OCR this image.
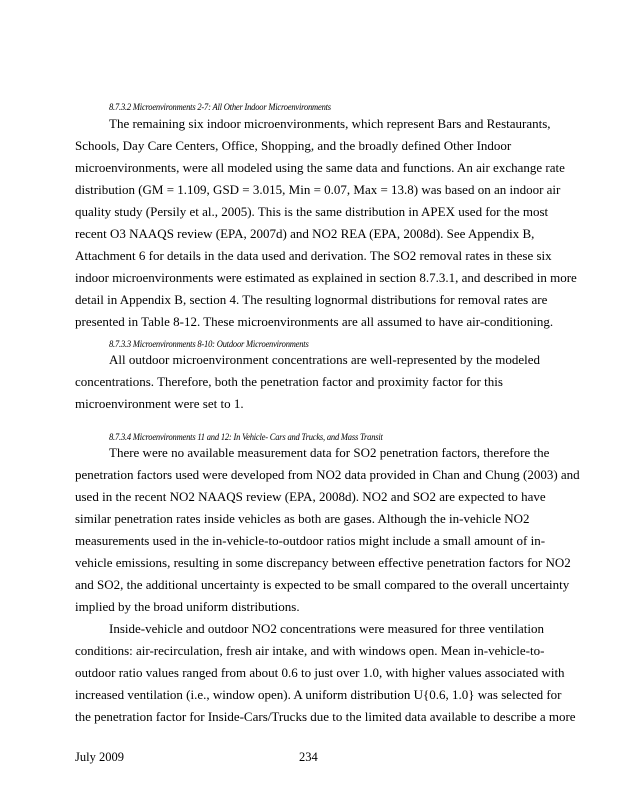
8.7.3.2 Microenvironments 2-7: All Other Indoor Microenvironments
The remaining six indoor microenvironments, which represent Bars and Restaurants,
Schools, Day Care Centers, Office, Shopping, and the broadly defined Other Indoor
microenvironments, were all modeled using the same data and functions. An air exchange rate
distribution (GM = 1.109, GSD = 3.015, Min = 0.07, Max = 13.8) was based on an indoor air
quality study (Persily et al., 2005). This is the same distribution in APEX used for the most
recent O3 NAAQS review (EPA, 2007d) and NO2 REA (EPA, 2008d). See Appendix B,
Attachment 6 for details in the data used and derivation. The SO2 removal rates in these six
indoor microenvironments were estimated as explained in section 8.7.3.1, and described in more
detail in Appendix B, section 4. The resulting lognormal distributions for removal rates are
presented in Table 8-12. These microenvironments are all assumed to have air-conditioning.
8.7.3.3 Microenvironments 8-10: Outdoor Microenvironments
All outdoor microenvironment concentrations are well-represented by the modeled
concentrations. Therefore, both the penetration factor and proximity factor for this
microenvironment were set to 1.
8.7.3.4 Microenvironments 11 and 12: In Vehicle- Cars and Trucks, and Mass Transit
There were no available measurement data for SO2 penetration factors, therefore the
penetration factors used were developed from NO2 data provided in Chan and Chung (2003) and
used in the recent NO2 NAAQS review (EPA, 2008d). NO2 and SO2 are expected to have
similar penetration rates inside vehicles as both are gases. Although the in-vehicle NO2
measurements used in the in-vehicle-to-outdoor ratios might include a small amount of in-
vehicle emissions, resulting in some discrepancy between effective penetration factors for NO2
and SO2, the additional uncertainty is expected to be small compared to the overall uncertainty
implied by the broad uniform distributions.
Inside-vehicle and outdoor NO2 concentrations were measured for three ventilation
conditions: air-recirculation, fresh air intake, and with windows open. Mean in-vehicle-to-
outdoor ratio values ranged from about 0.6 to just over 1.0, with higher values associated with
increased ventilation (i.e., window open). A uniform distribution U{0.6, 1.0} was selected for
the penetration factor for Inside-Cars/Trucks due to the limited data available to describe a more
July 2009	234
